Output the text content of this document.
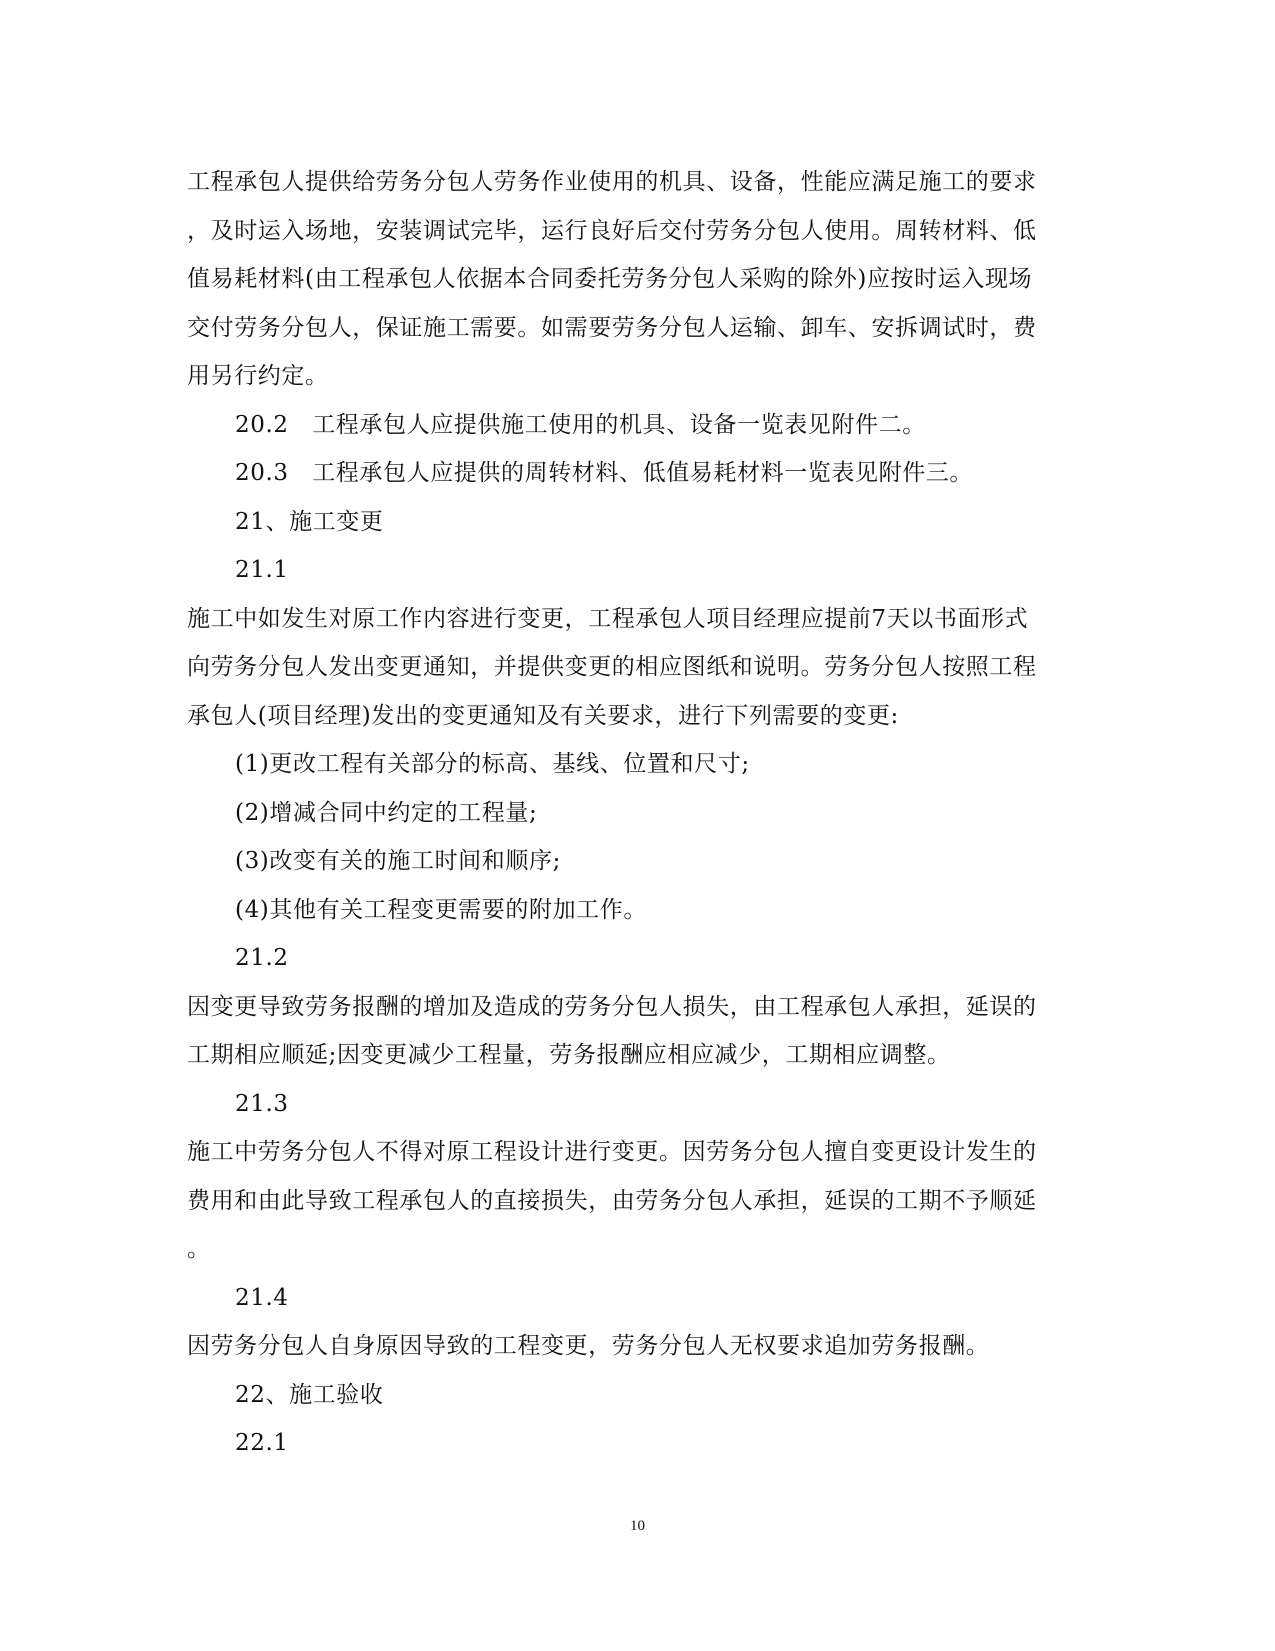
工程承包人提供给劳务分包人劳务作业使用的机具、设备，性能应满足施工的要求
，及时运入场地，安装调试完毕，运行良好后交付劳务分包人使用。周转材料、低
值易耗材料(由工程承包人依据本合同委托劳务分包人采购的除外)应按时运入现场
交付劳务分包人，保证施工需要。如需要劳务分包人运输、卸车、安拆调试时，费
用另行约定。
20.2　工程承包人应提供施工使用的机具、设备一览表见附件二。
20.3　工程承包人应提供的周转材料、低值易耗材料一览表见附件三。
21、施工变更
21.1
施工中如发生对原工作内容进行变更，工程承包人项目经理应提前7天以书面形式
向劳务分包人发出变更通知，并提供变更的相应图纸和说明。劳务分包人按照工程
承包人(项目经理)发出的变更通知及有关要求，进行下列需要的变更:
(1)更改工程有关部分的标高、基线、位置和尺寸;
(2)增减合同中约定的工程量;
(3)改变有关的施工时间和顺序;
(4)其他有关工程变更需要的附加工作。
21.2
因变更导致劳务报酬的增加及造成的劳务分包人损失，由工程承包人承担，延误的
工期相应顺延;因变更减少工程量，劳务报酬应相应减少，工期相应调整。
21.3
施工中劳务分包人不得对原工程设计进行变更。因劳务分包人擅自变更设计发生的
费用和由此导致工程承包人的直接损失，由劳务分包人承担，延误的工期不予顺延
。
21.4
因劳务分包人自身原因导致的工程变更，劳务分包人无权要求追加劳务报酬。
22、施工验收
22.1
10
